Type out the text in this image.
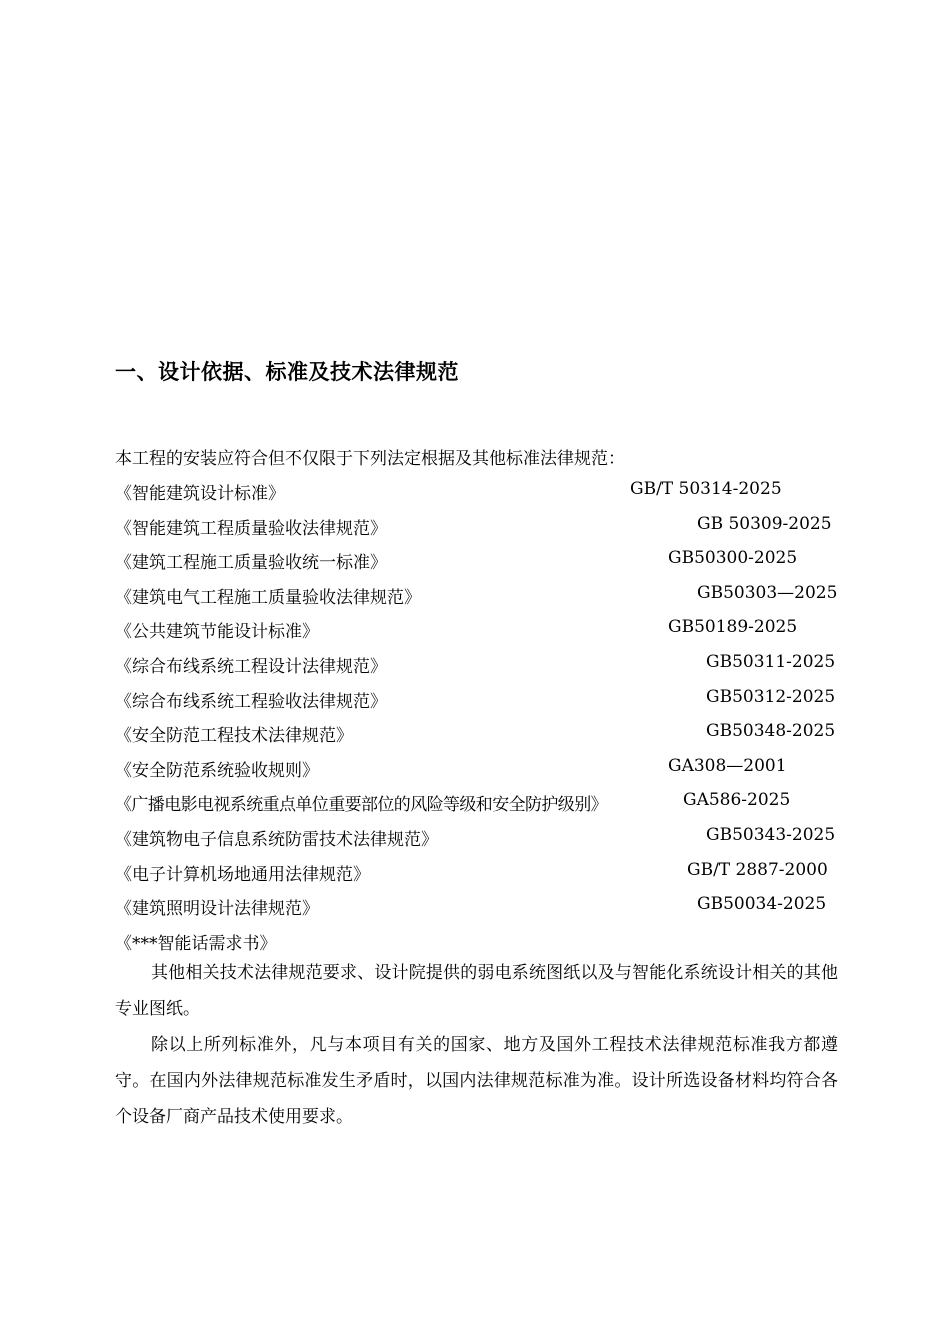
一、设计依据、标准及技术法律规范
本工程的安装应符合但不仅限于下列法定根据及其他标准法律规范：
《智能建筑设计标准》	GB/T 50314-2025
《智能建筑工程质量验收法律规范》	GB 50309-2025
《建筑工程施工质量验收统一标准》	GB50300-2025
《建筑电气工程施工质量验收法律规范》	GB50303—2025
《公共建筑节能设计标准》	GB50189-2025
《综合布线系统工程设计法律规范》	GB50311-2025
《综合布线系统工程验收法律规范》	GB50312-2025
《安全防范工程技术法律规范》	GB50348-2025
《安全防范系统验收规则》	GA308—2001
《广播电影电视系统重点单位重要部位的风险等级和安全防护级别》	GA586-2025
《建筑物电子信息系统防雷技术法律规范》	GB50343-2025
《电子计算机场地通用法律规范》	GB/T 2887-2000
《建筑照明设计法律规范》	GB50034-2025
《***智能话需求书》

其他相关技术法律规范要求、设计院提供的弱电系统图纸以及与智能化系统设计相关的其他专业图纸。

除以上所列标准外，凡与本项目有关的国家、地方及国外工程技术法律规范标准我方都遵守。在国内外法律规范标准发生矛盾时，以国内法律规范标准为准。设计所选设备材料均符合各个设备厂商产品技术使用要求。
